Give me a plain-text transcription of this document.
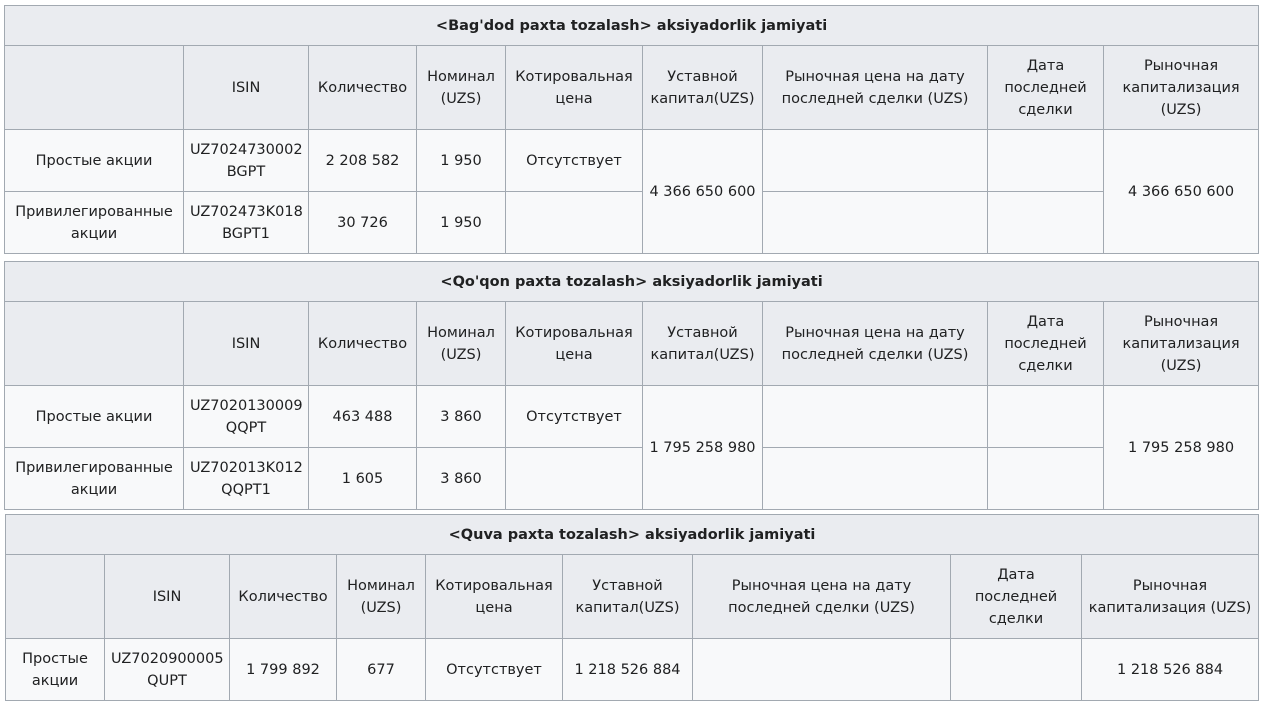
<Bag'dod paxta tozalash> aksiyadorlik jamiyati								
	ISIN	Количество	Номинал (UZS)	Котировальная цена	Уставной капитал(UZS)	Рыночная цена на дату последней сделки (UZS)	Дата последней сделки	Рыночная капитализация (UZS)
Простые акции	UZ7024730002 BGPT	2 208 582	1 950	Отсутствует	4 366 650 600			4 366 650 600
Привилегированные акции	UZ702473K018 BGPT1	30 726	1 950					
<Qo'qon paxta tozalash> aksiyadorlik jamiyati								
	ISIN	Количество	Номинал (UZS)	Котировальная цена	Уставной капитал(UZS)	Рыночная цена на дату последней сделки (UZS)	Дата последней сделки	Рыночная капитализация (UZS)
Простые акции	UZ7020130009 QQPT	463 488	3 860	Отсутствует	1 795 258 980			1 795 258 980
Привилегированные акции	UZ702013K012 QQPT1	1 605	3 860					
<Quva paxta tozalash> aksiyadorlik jamiyati								
	ISIN	Количество	Номинал (UZS)	Котировальная цена	Уставной капитал(UZS)	Рыночная цена на дату последней сделки (UZS)	Дата последней сделки	Рыночная капитализация (UZS)
Простые акции	UZ7020900005 QUPT	1 799 892	677	Отсутствует	1 218 526 884			1 218 526 884
